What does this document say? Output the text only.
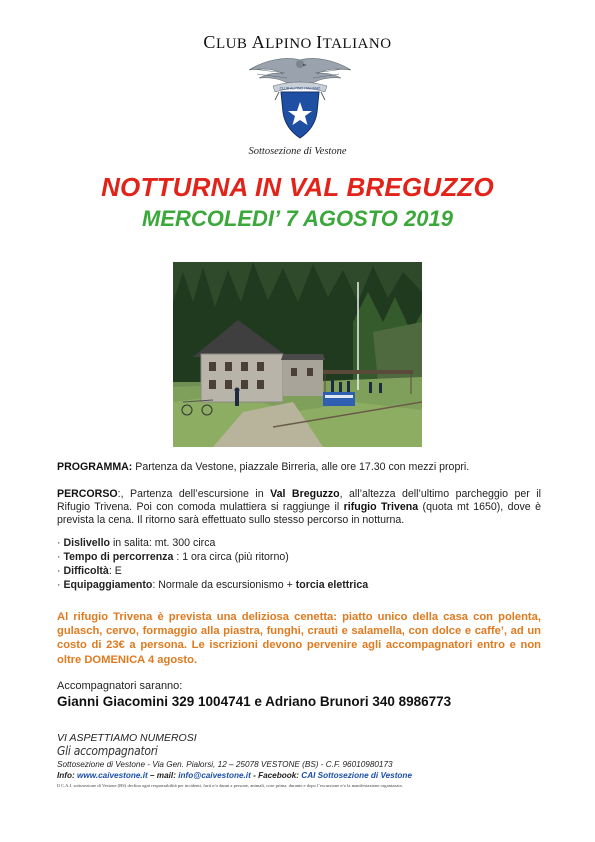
CLUB ALPINO ITALIANO
CLUB ALPINO ITALIANO
Sottosezione di Vestone
NOTTURNA IN VAL BREGUZZO
MERCOLEDI’ 7 AGOSTO 2019
PROGRAMMA: Partenza da Vestone, piazzale Birreria, alle ore 17.30 con mezzi propri.
PERCORSO:, Partenza dell’escursione in Val Breguzzo, all’altezza dell’ultimo parcheggio per il Rifugio Trivena. Poi con comoda mulattiera si raggiunge il rifugio Trivena (quota mt 1650), dove è prevista la cena. Il ritorno sarà effettuato sullo stesso percorso in notturna.
· Dislivello in salita: mt. 300 circa
· Tempo di percorrenza : 1 ora circa (più ritorno)
· Difficoltà: E
· Equipaggiamento: Normale da escursionismo + torcia elettrica
Al rifugio Trivena è prevista una deliziosa cenetta: piatto unico della casa con polenta, gulasch, cervo, formaggio alla piastra, funghi, crauti e salamella, con dolce e caffe’, ad un costo di 23€ a persona. Le iscrizioni devono pervenire agli accompagnatori entro e non oltre DOMENICA 4 agosto.
Accompagnatori saranno:
Gianni Giacomini 329 1004741 e Adriano Brunori 340 8986773
VI ASPETTIAMO NUMEROSI
Gli accompagnatori
Sottosezione di Vestone - Via Gen. Pialorsi, 12 – 25078 VESTONE (BS) - C.F. 96010980173
Info: www.caivestone.it – mail: info@caivestone.it - Facebook: CAI Sottosezione di Vestone
Il C.A.I. sottosezione di Vestone (BS) declina ogni responsabilità per incidenti, furti e/o danni a persone, animali, cose prima, durante e dopo l’escursione e/o la manifestazione organizzata.
